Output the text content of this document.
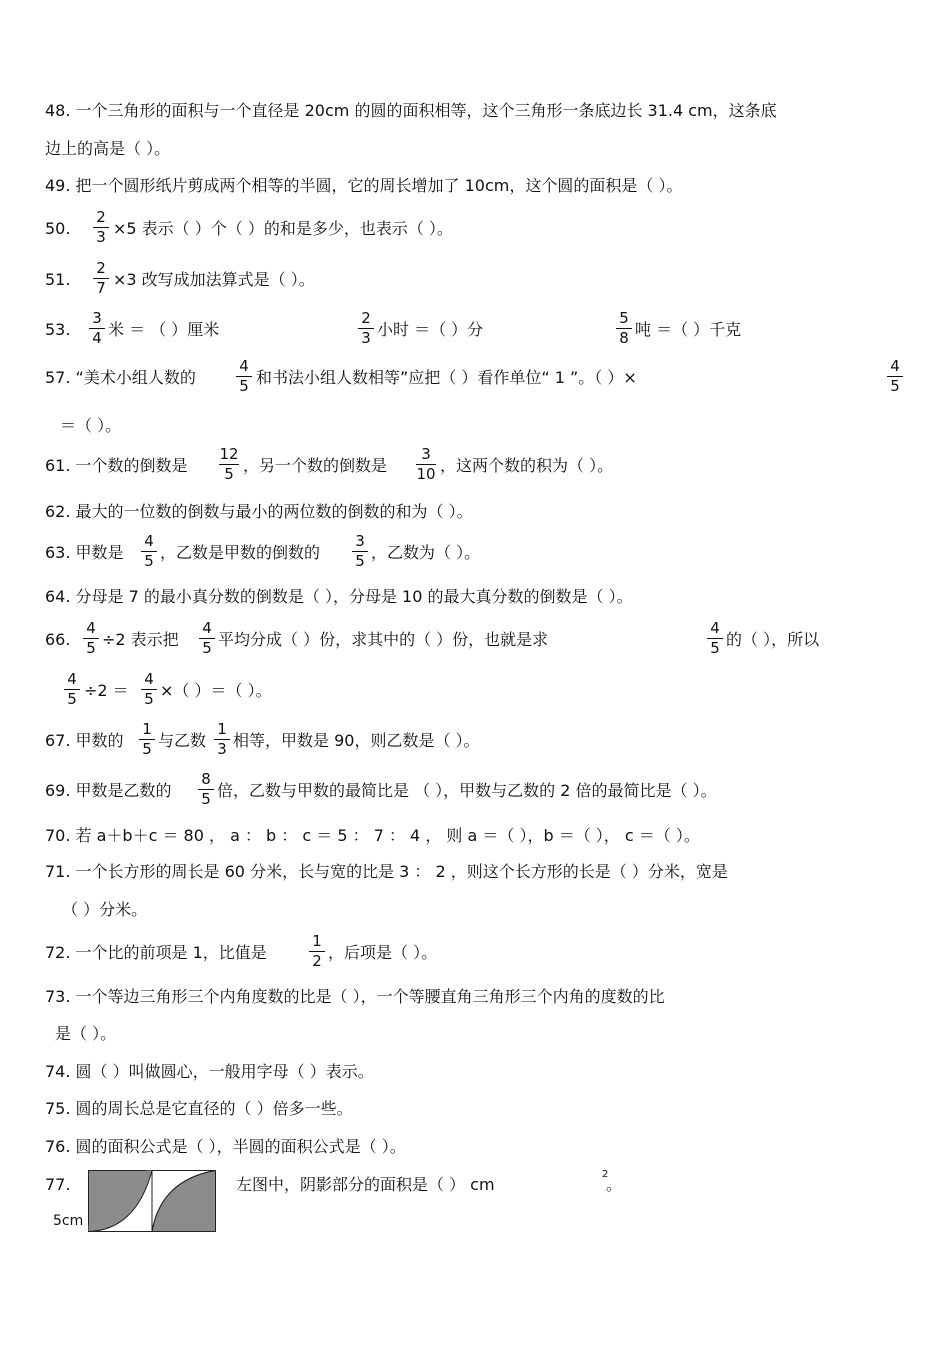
48. 一个三角形的面积与一个直径是 20cm 的圆的面积相等，这个三角形一条底边长 31.4 cm，这条底
边上的高是（ ）。
49. 把一个圆形纸片剪成两个相等的半圆，它的周长增加了 10cm，这个圆的面积是（ ）。
50.
2
3 ×5 表示（ ）个（ ）的和是多少，也表示（ ）。
51.
2
7 ×3 改写成加法算式是（ ）。
53.
3
4 米 ＝ （ ）厘米
2
3 小时 ＝（ ）分
5
8 吨 ＝（ ）千克
57. “美术小组人数的
4
5 和书法小组人数相等”应把（ ）看作单位“ 1 ”。（ ）×
4
5
＝（ ）。
61. 一个数的倒数是
12
5 ，另一个数的倒数是
3
10 ，这两个数的积为（ ）。
62. 最大的一位数的倒数与最小的两位数的倒数的和为（ ）。
63. 甲数是
4
5 ，乙数是甲数的倒数的
3
5 ，乙数为（ ）。
64. 分母是 7 的最小真分数的倒数是（ ），分母是 10 的最大真分数的倒数是（ ）。
66.
4
5 ÷2 表示把
4
5 平均分成（ ）份，求其中的（ ）份，也就是求
4
5 的（ ），所以
4
5 ÷2 ＝
4
5 ×（ ）＝（ ）。
67. 甲数的
1
5 与乙数
1
3 相等，甲数是 90，则乙数是（ ）。
69. 甲数是乙数的
8
5 倍，乙数与甲数的最简比是 （ ），甲数与乙数的 2 倍的最简比是（ ）。
70. 若 a＋b＋c ＝ 80 ， a ： b ： c ＝ 5 ： 7 ： 4 ， 则 a ＝（ ），b ＝（ ）， c ＝（ ）。
71. 一个长方形的周长是 60 分米，长与宽的比是 3 ： 2 ，则这个长方形的长是（ ）分米，宽是
（ ）分米。
72. 一个比的前项是 1，比值是
1
2 ，后项是（ ）。
73. 一个等边三角形三个内角度数的比是（ ），一个等腰直角三角形三个内角的度数的比
是（ ）。
74. 圆（ ）叫做圆心，一般用字母（ ）表示。
75. 圆的周长总是它直径的（ ）倍多一些。
76. 圆的面积公式是（ ），半圆的面积公式是（ ）。
77.	左图中，阴影部分的面积是（ ） cm
2
。
5cm
